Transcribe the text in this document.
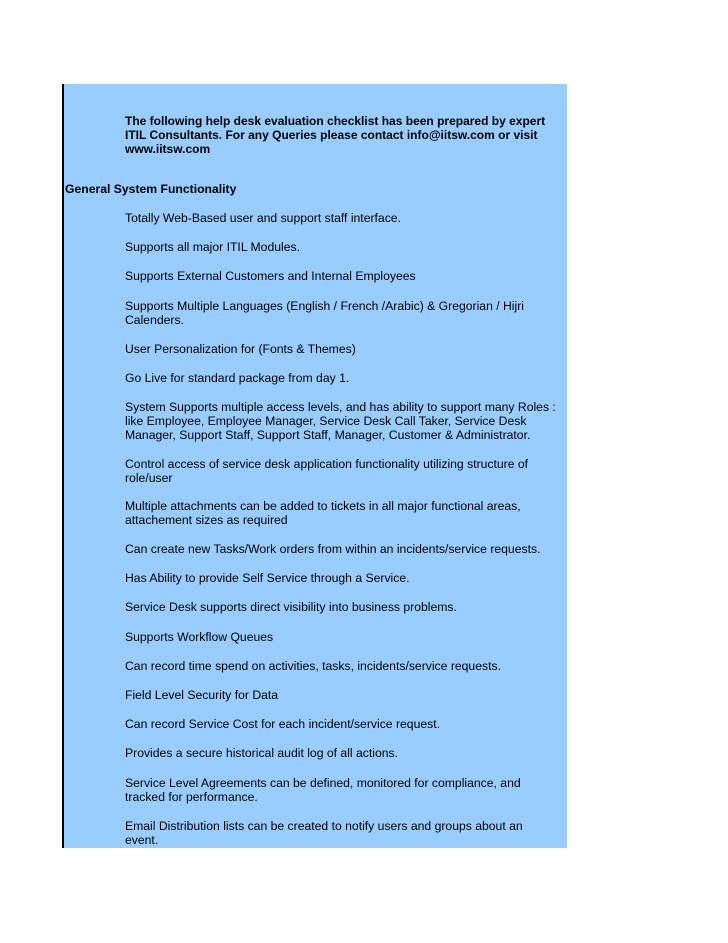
The following help desk evaluation checklist has been prepared by expert ITIL Consultants. For any Queries please contact info@iitsw.com or visit www.iitsw.com
General System Functionality
Totally Web-Based user and support staff interface.
Supports all major ITIL Modules.
Supports External Customers and Internal Employees
Supports Multiple Languages (English / French /Arabic) & Gregorian / Hijri Calenders.
User Personalization for (Fonts & Themes)
Go Live for standard package from day 1.
System Supports multiple access levels, and has ability to support many Roles : like Employee, Employee Manager, Service Desk Call Taker, Service Desk Manager, Support Staff, Support Staff, Manager, Customer & Administrator.
Control access of service desk application functionality utilizing structure of role/user
Multiple attachments can be added to tickets in all major functional areas, attachement sizes as required
Can create new Tasks/Work orders from within an incidents/service requests.
Has Ability to provide Self Service through a Service.
Service Desk supports direct visibility into business problems.
Supports Workflow Queues
Can record time spend on activities, tasks, incidents/service requests.
Field Level Security for Data
Can record Service Cost for each incident/service request.
Provides a secure historical audit log of all actions.
Service Level Agreements can be defined, monitored for compliance, and tracked for performance.
Email Distribution lists can be created to notify users and groups about an event.
